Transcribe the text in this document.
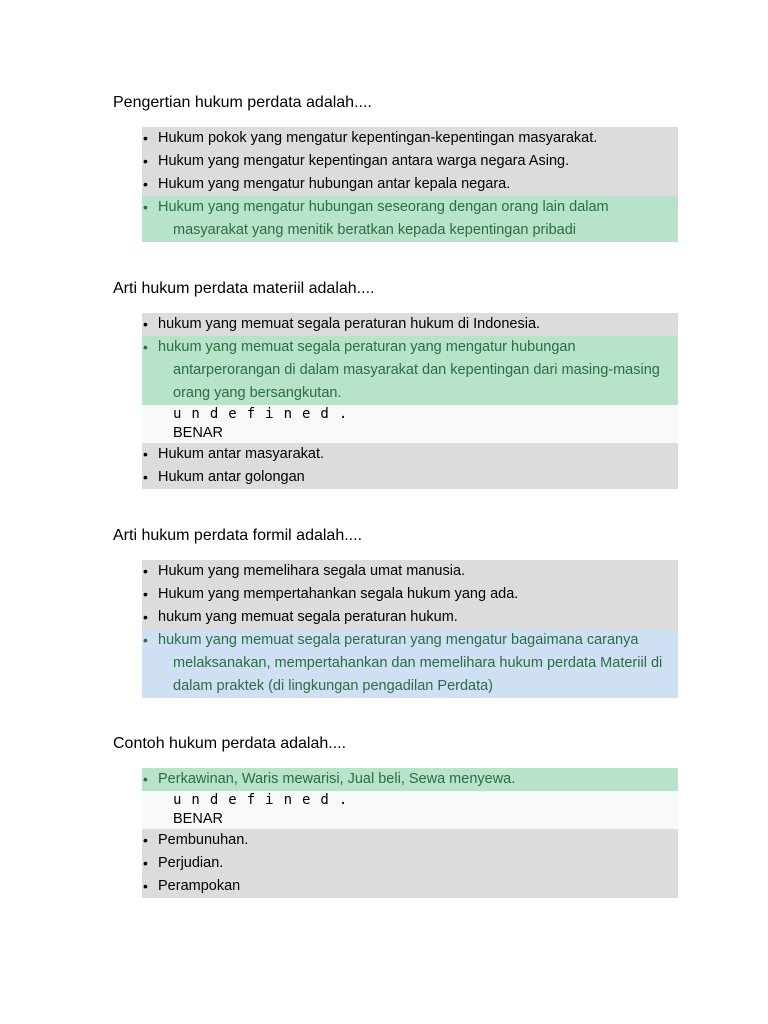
Pengertian hukum perdata adalah....
• Hukum pokok yang mengatur kepentingan-kepentingan masyarakat.
• Hukum yang mengatur kepentingan antara warga negara Asing.
• Hukum yang mengatur hubungan antar kepala negara.
• Hukum yang mengatur hubungan seseorang dengan orang lain dalam masyarakat yang menitik beratkan kepada kepentingan pribadi
Arti hukum perdata materiil adalah....
• hukum yang memuat segala peraturan hukum di Indonesia.
• hukum yang memuat segala peraturan yang mengatur hubungan antarperorangan di dalam masyarakat dan kepentingan dari masing-masing orang yang bersangkutan.
undefined.
BENAR
• Hukum antar masyarakat.
• Hukum antar golongan
Arti hukum perdata formil adalah....
• Hukum yang memelihara segala umat manusia.
• Hukum yang mempertahankan segala hukum yang ada.
• hukum yang memuat segala peraturan hukum.
• hukum yang memuat segala peraturan yang mengatur bagaimana caranya melaksanakan, mempertahankan dan memelihara hukum perdata Materiil di dalam praktek (di lingkungan pengadilan Perdata)
Contoh hukum perdata adalah....
• Perkawinan, Waris mewarisi, Jual beli, Sewa menyewa.
undefined.
BENAR
• Pembunuhan.
• Perjudian.
• Perampokan
